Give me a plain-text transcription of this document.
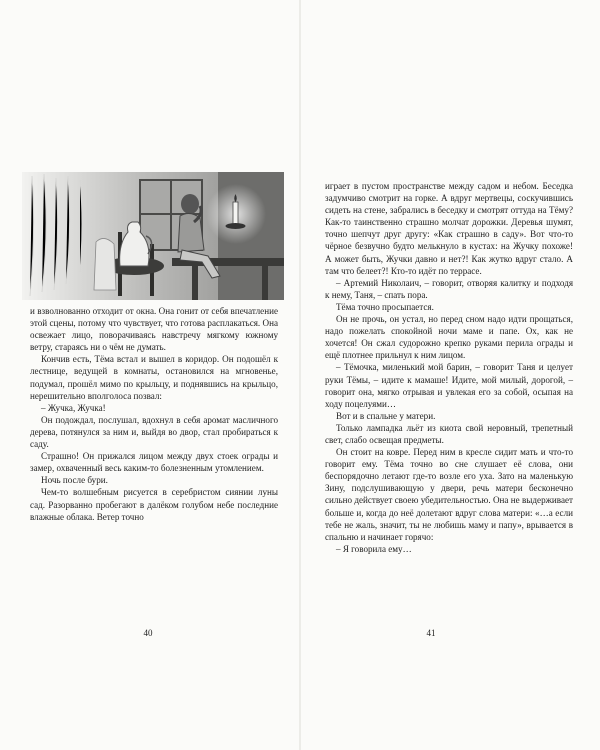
и взволнованно отходит от окна. Она гонит от себя впечатление этой сцены, потому что чувствует, что готова расплакаться. Она освежает лицо, поворачиваясь навстречу мягкому южному ветру, стараясь ни о чём не думать.

Кончив есть, Тёма встал и вышел в коридор. Он подошёл к лестнице, ведущей в комнаты, остановился на мгновенье, подумал, прошёл мимо по крыльцу, и поднявшись на крыльцо, нерешительно вполголоса позвал:

– Жучка, Жучка!

Он подождал, послушал, вдохнул в себя аромат масличного дерева, потянулся за ним и, выйдя во двор, стал пробираться к саду.

Страшно! Он прижался лицом между двух стоек ограды и замер, охваченный весь каким-то болезненным утомлением.

Ночь после бури.

Чем-то волшебным рисуется в серебристом сиянии луны сад. Разорванно пробегают в далёком голубом небе последние влажные облака. Ветер точно

40

играет в пустом пространстве между садом и небом. Беседка задумчиво смотрит на горке. А вдруг мертвецы, соскучившись сидеть на стене, забрались в беседку и смотрят оттуда на Тёму? Как-то таинственно страшно молчат дорожки. Деревья шумят, точно шепчут друг другу: «Как страшно в саду». Вот что-то чёрное безвучно будто мелькнуло в кустах: на Жучку похоже! А может быть, Жучки давно и нет?! Как жутко вдруг стало. А там что белеет?! Кто-то идёт по террасе.

– Артемий Николаич, – говорит, отворяя калитку и подходя к нему, Таня, – спать пора.

Тёма точно просыпается.

Он не прочь, он устал, но перед сном надо идти прощаться, надо пожелать спокойной ночи маме и папе. Ох, как не хочется! Он сжал судорожно крепко руками перила ограды и ещё плотнее прильнул к ним лицом.

– Тёмочка, миленький мой барин, – говорит Таня и целует руки Тёмы, – идите к мамаше! Идите, мой милый, дорогой, – говорит она, мягко отрывая и увлекая его за собой, осыпая на ходу поцелуями…

Вот и в спальне у матери.

Только лампадка льёт из киота свой неровный, трепетный свет, слабо освещая предметы.

Он стоит на ковре. Перед ним в кресле сидит мать и что-то говорит ему. Тёма точно во сне слушает её слова, они беспорядочно летают где-то возле его уха. Зато на маленькую Зину, подслушивающую у двери, речь матери бесконечно сильно действует своею убедительностью. Она не выдерживает больше и, когда до неё долетают вдруг слова матери: «…а если тебе не жаль, значит, ты не любишь маму и папу», врывается в спальню и начинает горячо:

– Я говорила ему…

41
